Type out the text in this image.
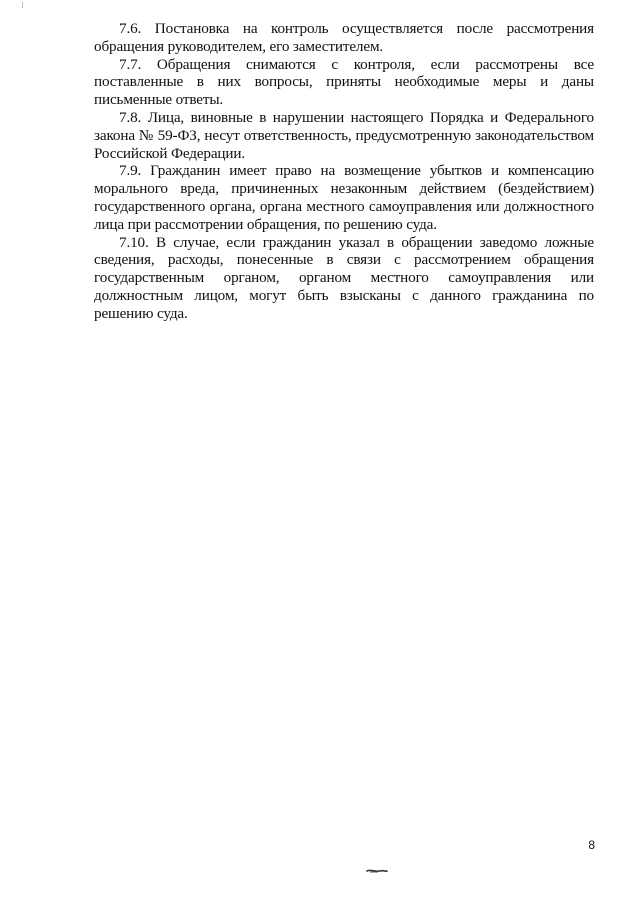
7.6. Постановка на контроль осуществляется после рассмотрения обращения руководителем, его заместителем.

7.7. Обращения снимаются с контроля, если рассмотрены все поставленные в них вопросы, приняты необходимые меры и даны письменные ответы.

7.8. Лица, виновные в нарушении настоящего Порядка и Федерального закона № 59-ФЗ, несут ответственность, предусмотренную законодательством Российской Федерации.

7.9. Гражданин имеет право на возмещение убытков и компенсацию морального вреда, причиненных незаконным действием (бездействием) государственного органа, органа местного самоуправления или должностного лица при рассмотрении обращения, по решению суда.

7.10. В случае, если гражданин указал в обращении заведомо ложные сведения, расходы, понесенные в связи с рассмотрением обращения государственным органом, органом местного самоуправления или должностным лицом, могут быть взысканы с данного гражданина по решению суда.

8
